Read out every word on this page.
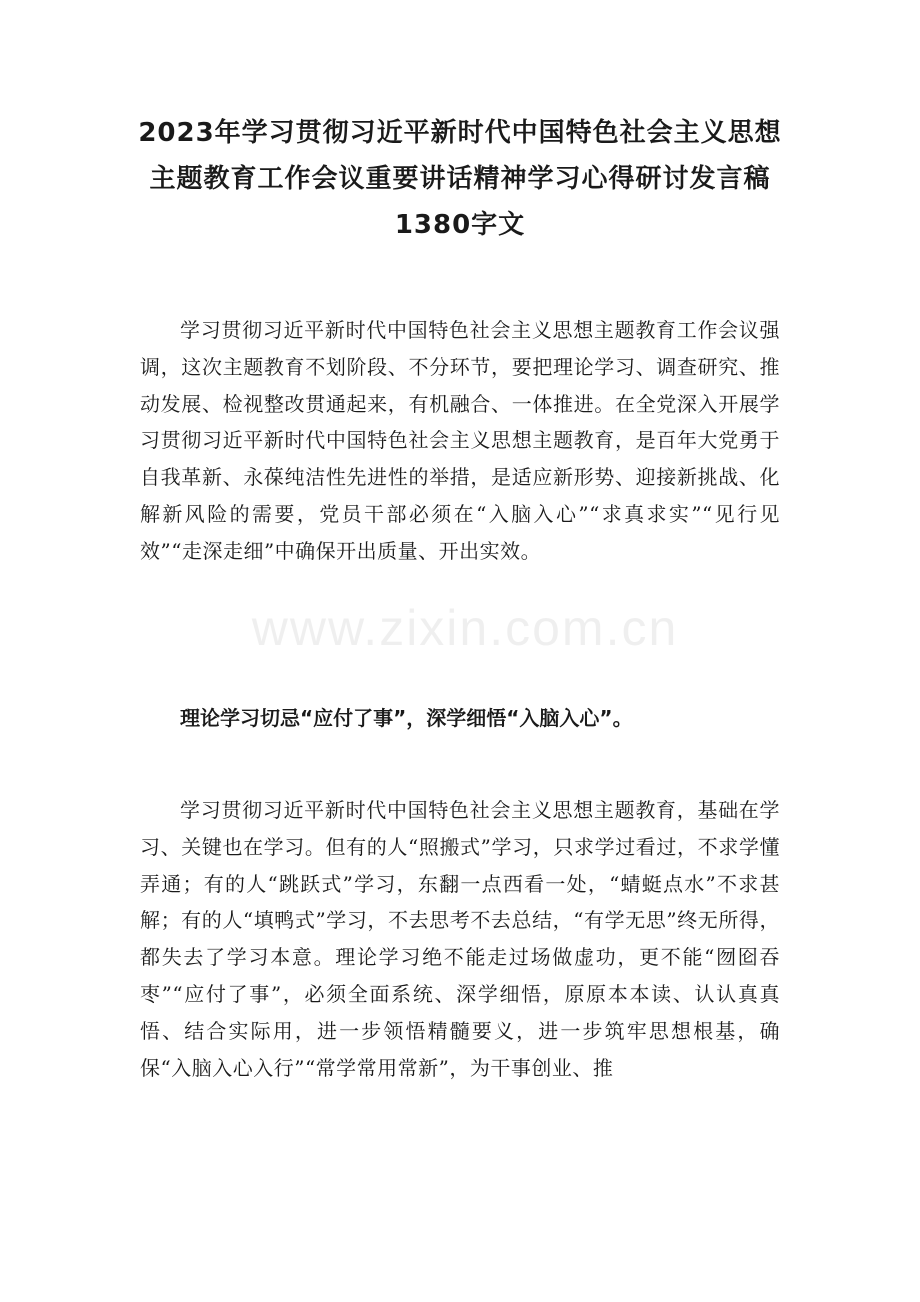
2023年学习贯彻习近平新时代中国特色社会主义思想主题教育工作会议重要讲话精神学习心得研讨发言稿1380字文

学习贯彻习近平新时代中国特色社会主义思想主题教育工作会议强调，这次主题教育不划阶段、不分环节，要把理论学习、调查研究、推动发展、检视整改贯通起来，有机融合、一体推进。在全党深入开展学习贯彻习近平新时代中国特色社会主义思想主题教育，是百年大党勇于自我革新、永葆纯洁性先进性的举措，是适应新形势、迎接新挑战、化解新风险的需要，党员干部必须在“入脑入心”“求真求实”“见行见效”“走深走细”中确保开出质量、开出实效。

www.zixin.com.cn
理论学习切忌“应付了事”，深学细悟“入脑入心”。

学习贯彻习近平新时代中国特色社会主义思想主题教育，基础在学习、关键也在学习。但有的人“照搬式”学习，只求学过看过，不求学懂弄通；有的人“跳跃式”学习，东翻一点西看一处，“蜻蜓点水”不求甚解；有的人“填鸭式”学习，不去思考不去总结，“有学无思”终无所得，都失去了学习本意。理论学习绝不能走过场做虚功，更不能“囫囵吞枣”“应付了事”，必须全面系统、深学细悟，原原本本读、认认真真悟、结合实际用，进一步领悟精髓要义，进一步筑牢思想根基，确保“入脑入心入行”“常学常用常新”，为干事创业、推
